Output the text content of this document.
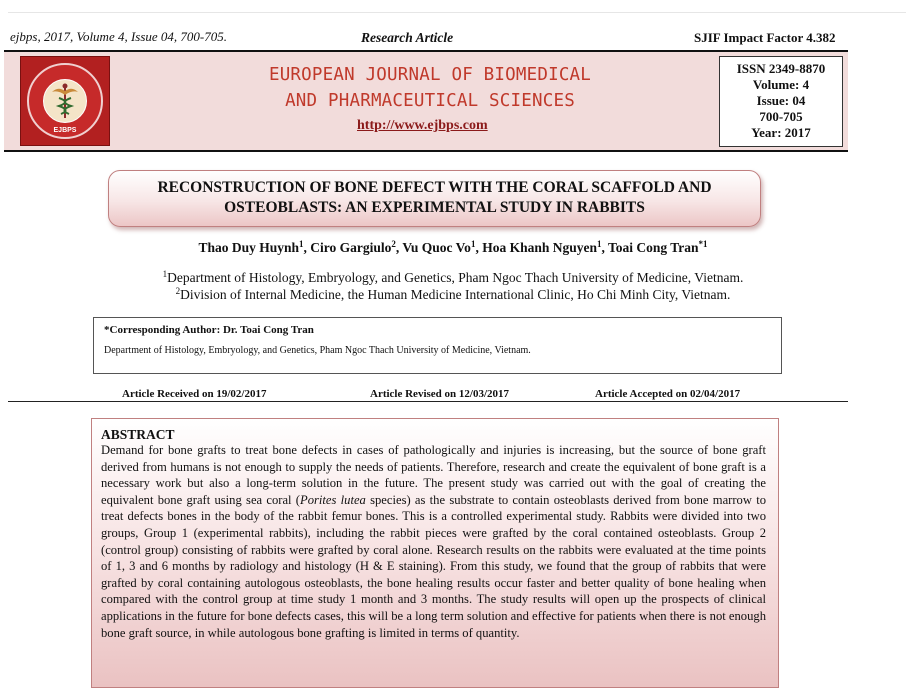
ejbps, 2017, Volume 4, Issue 04, 700-705.	Research Article	SJIF Impact Factor 4.382
EJBPS
EUROPEAN JOURNAL OF BIOMEDICAL
AND PHARMACEUTICAL SCIENCES
http://www.ejbps.com
ISSN 2349-8870
Volume: 4
Issue: 04
700-705
Year: 2017
RECONSTRUCTION OF BONE DEFECT WITH THE CORAL SCAFFOLD AND
OSTEOBLASTS: AN EXPERIMENTAL STUDY IN RABBITS
Thao Duy Huynh$^1$, Ciro Gargiulo$^2$, Vu Quoc Vo$^1$, Hoa Khanh Nguyen$^1$, Toai Cong Tran$^{*1}$
$^1$Department of Histology, Embryology, and Genetics, Pham Ngoc Thach University of Medicine, Vietnam.
$^2$Division of Internal Medicine, the Human Medicine International Clinic, Ho Chi Minh City, Vietnam.
*Corresponding Author: Dr. Toai Cong Tran
Department of Histology, Embryology, and Genetics, Pham Ngoc Thach University of Medicine, Vietnam.
Article Received on 19/02/2017	Article Revised on 12/03/2017	Article Accepted on 02/04/2017
ABSTRACT
Demand for bone grafts to treat bone defects in cases of pathologically and injuries is increasing, but the source of bone graft derived from humans is not enough to supply the needs of patients. Therefore, research and create the equivalent of bone graft is a necessary work but also a long-term solution in the future. The present study was carried out with the goal of creating the equivalent bone graft using sea coral (Porites lutea species) as the substrate to contain osteoblasts derived from bone marrow to treat defects bones in the body of the rabbit femur bones. This is a controlled experimental study. Rabbits were divided into two groups, Group 1 (experimental rabbits), including the rabbit pieces were grafted by the coral contained osteoblasts. Group 2 (control group) consisting of rabbits were grafted by coral alone. Research results on the rabbits were evaluated at the time points of 1, 3 and 6 months by radiology and histology (H & E staining). From this study, we found that the group of rabbits that were grafted by coral containing autologous osteoblasts, the bone healing results occur faster and better quality of bone healing when compared with the control group at time study 1 month and 3 months. The study results will open up the prospects of clinical applications in the future for bone defects cases, this will be a long term solution and effective for patients when there is not enough bone graft source, in while autologous bone grafting is limited in terms of quantity.
